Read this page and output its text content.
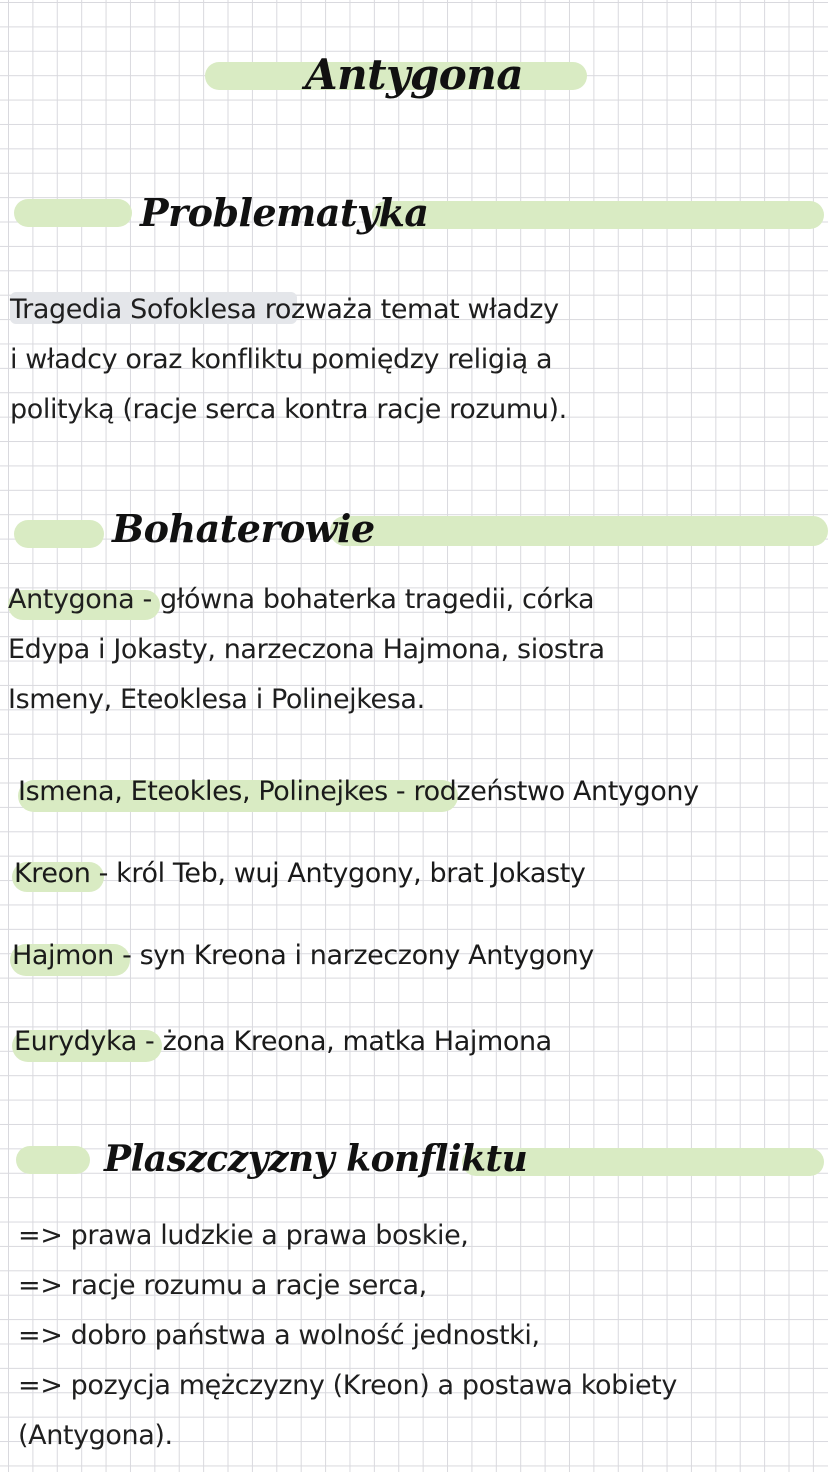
Antygona
Problematyka
Tragedia Sofoklesa rozważa temat władzy
i władcy oraz konfliktu pomiędzy religią a
polityką (racje serca kontra racje rozumu).
Bohaterowie
Antygona - główna bohaterka tragedii, córka
Edypa i Jokasty, narzeczona Hajmona, siostra
Ismeny, Eteoklesa i Polinejkesa.
Ismena, Eteokles, Polinejkes - rodzeństwo Antygony
Kreon - król Teb, wuj Antygony, brat Jokasty
Hajmon - syn Kreona i narzeczony Antygony
Eurydyka - żona Kreona, matka Hajmona
Plaszczyzny konfliktu
=> prawa ludzkie a prawa boskie,
=> racje rozumu a racje serca,
=> dobro państwa a wolność jednostki,
=> pozycja mężczyzny (Kreon) a postawa kobiety
(Antygona).
